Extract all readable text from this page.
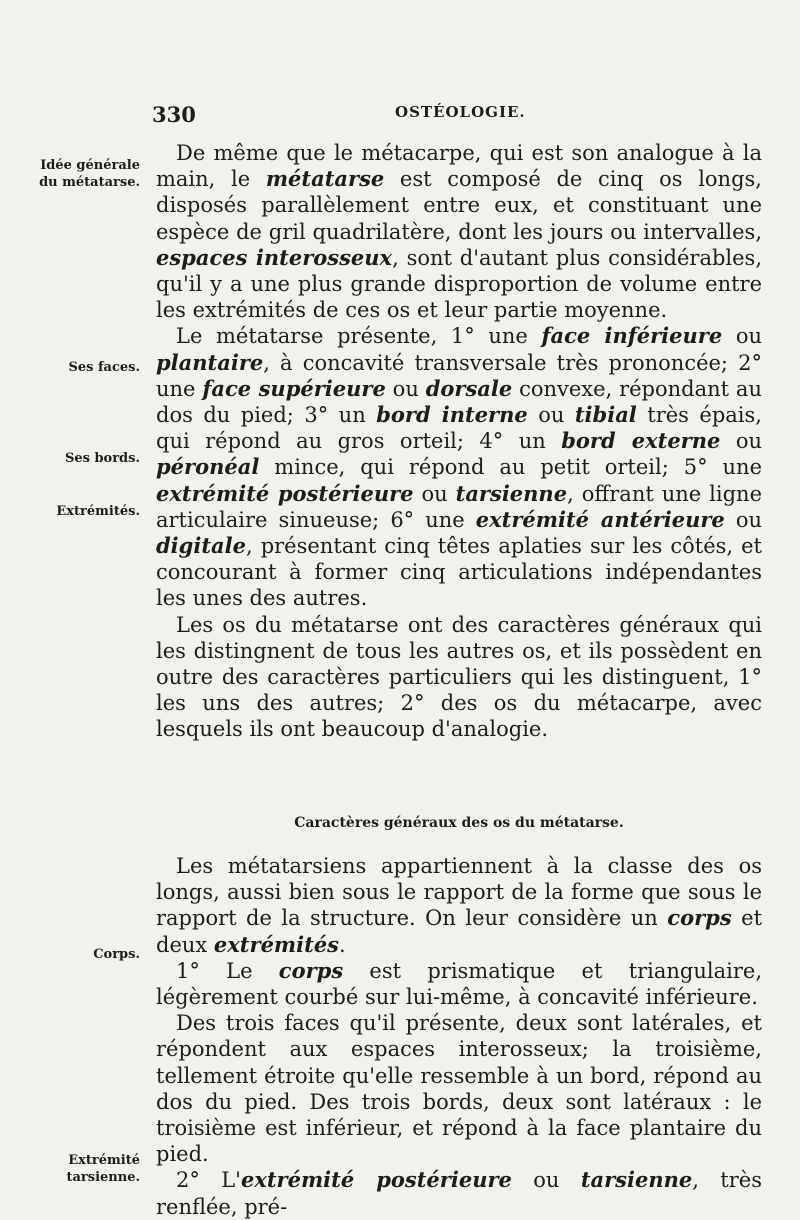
330	OSTÉOLOGIE.
Idée générale du métatarse.
Ses faces.
Ses bords.
Extrémités.
Corps.
Extrémité tarsienne.

De même que le métacarpe, qui est son analogue à la main, le métatarse est composé de cinq os longs, disposés parallèlement entre eux, et constituant une espèce de gril quadrilatère, dont les jours ou intervalles, espaces interosseux, sont d'autant plus considérables, qu'il y a une plus grande disproportion de volume entre les extrémités de ces os et leur partie moyenne.

Le métatarse présente, 1° une face inférieure ou plantaire, à concavité transversale très prononcée; 2° une face supérieure ou dorsale convexe, répondant au dos du pied; 3° un bord interne ou tibial très épais, qui répond au gros orteil; 4° un bord externe ou péronéal mince, qui répond au petit orteil; 5° une extrémité postérieure ou tarsienne, offrant une ligne articulaire sinueuse; 6° une extrémité antérieure ou digitale, présentant cinq têtes aplaties sur les côtés, et concourant à former cinq articulations indépendantes les unes des autres.

Les os du métatarse ont des caractères généraux qui les distingnent de tous les autres os, et ils possèdent en outre des caractères particuliers qui les distinguent, 1° les uns des autres; 2° des os du métacarpe, avec lesquels ils ont beaucoup d'analogie.

Caractères généraux des os du métatarse.

Les métatarsiens appartiennent à la classe des os longs, aussi bien sous le rapport de la forme que sous le rapport de la structure. On leur considère un corps et deux extrémités.

1° Le corps est prismatique et triangulaire, légèrement courbé sur lui-même, à concavité inférieure.

Des trois faces qu'il présente, deux sont latérales, et répondent aux espaces interosseux; la troisième, tellement étroite qu'elle ressemble à un bord, répond au dos du pied. Des trois bords, deux sont latéraux : le troisième est inférieur, et répond à la face plantaire du pied.

2° L'extrémité postérieure ou tarsienne, très renflée, pré-
